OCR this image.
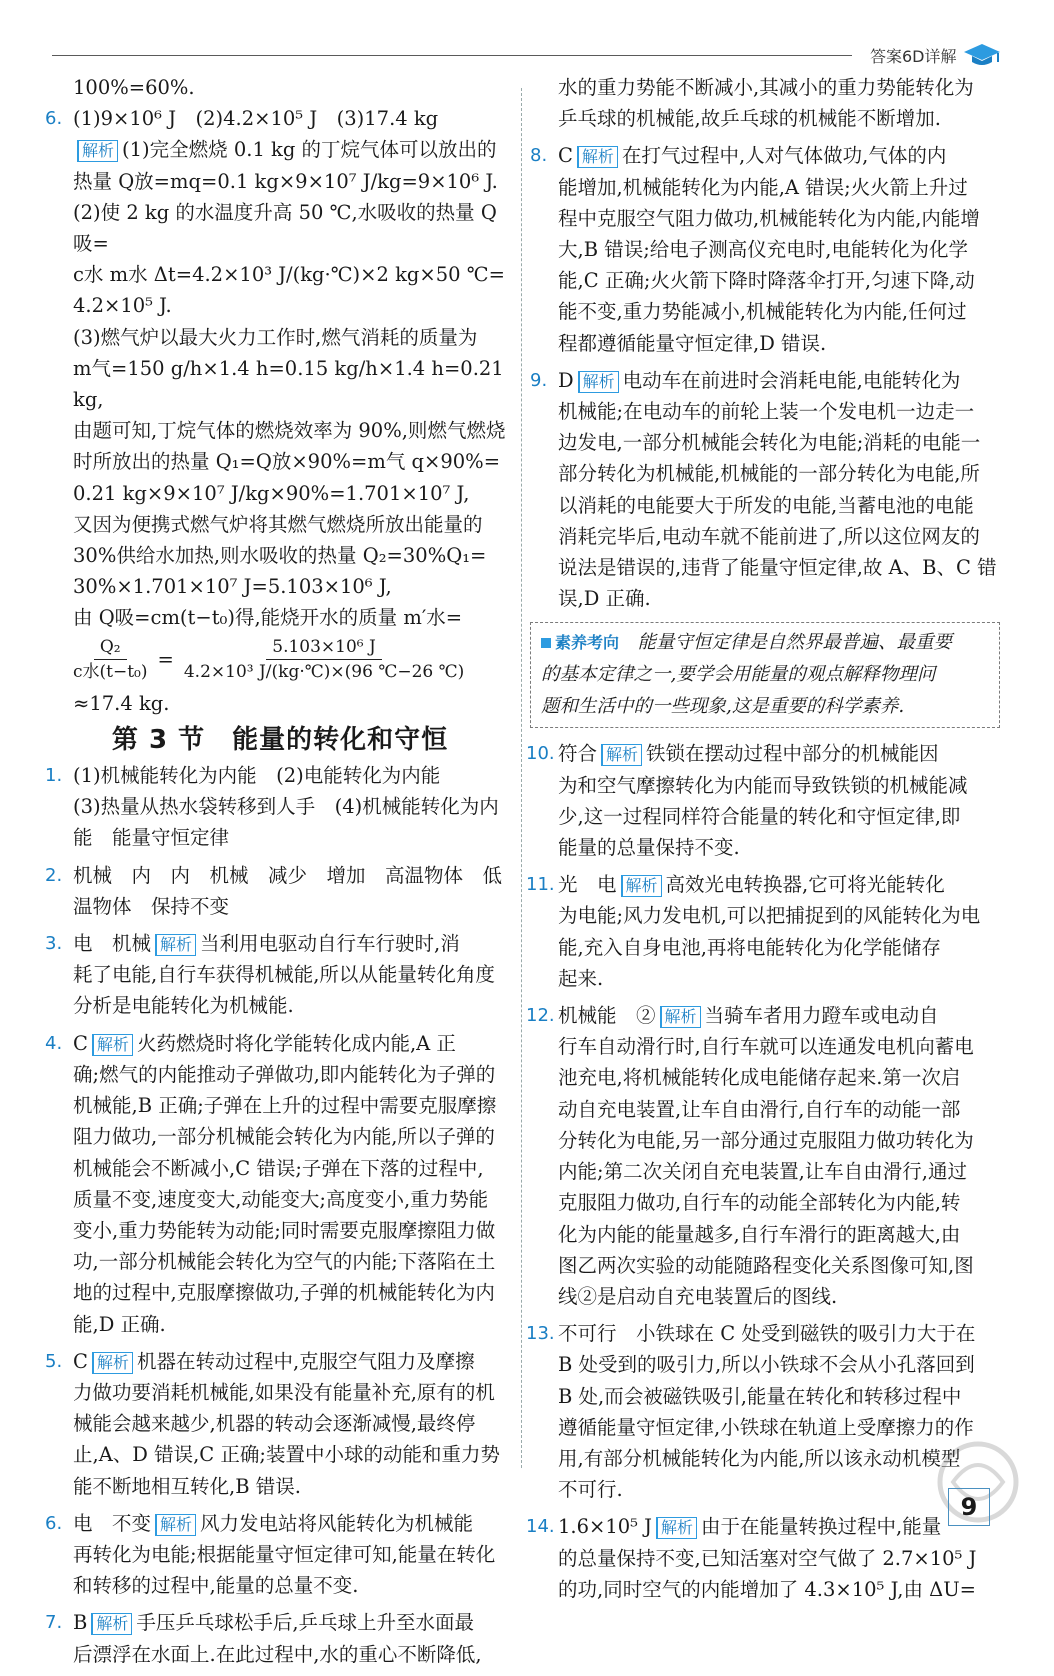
答案6D详解
100%=60%.
6. (1)9×10⁶ J　(2)4.2×10⁵ J　(3)17.4 kg
解析 (1)完全燃烧 0.1 kg 的丁烷气体可以放出的
热量 Q放=mq=0.1 kg×9×10⁷ J/kg=9×10⁶ J.
(2)使 2 kg 的水温度升高 50 ℃,水吸收的热量 Q吸=
c水 m水 Δt=4.2×10³ J/(kg·℃)×2 kg×50 ℃=
4.2×10⁵ J.
(3)燃气炉以最大火力工作时,燃气消耗的质量为
m气=150 g/h×1.4 h=0.15 kg/h×1.4 h=0.21 kg,
由题可知,丁烷气体的燃烧效率为 90%,则燃气燃烧
时所放出的热量 Q₁=Q放×90%=m气 q×90%=
0.21 kg×9×10⁷ J/kg×90%=1.701×10⁷ J,
又因为便携式燃气炉将其燃气燃烧所放出能量的
30%供给水加热,则水吸收的热量 Q₂=30%Q₁=
30%×1.701×10⁷ J=5.103×10⁶ J,
由 Q吸=cm(t−t₀)得,能烧开水的质量 m′水=
Q₂
c水(t−t₀)
= $\frac{\text{5.103×10⁶ J}}{\text{4.2×10³ J/(kg·℃)×(96 ℃−26 ℃)}}$
≈17.4 kg.
第 3 节　能量的转化和守恒
1. (1)机械能转化为内能　(2)电能转化为内能
(3)热量从热水袋转移到人手　(4)机械能转化为内
能　能量守恒定律
2. 机械　内　内　机械　减少　增加　高温物体　低
温物体　保持不变
3. 电　机械 解析 当利用电驱动自行车行驶时,消
耗了电能,自行车获得机械能,所以从能量转化角度
分析是电能转化为机械能.
4. C 解析 火药燃烧时将化学能转化成内能,A 正
确;燃气的内能推动子弹做功,即内能转化为子弹的
机械能,B 正确;子弹在上升的过程中需要克服摩擦
阻力做功,一部分机械能会转化为内能,所以子弹的
机械能会不断减小,C 错误;子弹在下落的过程中,
质量不变,速度变大,动能变大;高度变小,重力势能
变小,重力势能转为动能;同时需要克服摩擦阻力做
功,一部分机械能会转化为空气的内能;下落陷在土
地的过程中,克服摩擦做功,子弹的机械能转化为内
能,D 正确.
5. C 解析 机器在转动过程中,克服空气阻力及摩擦
力做功要消耗机械能,如果没有能量补充,原有的机
械能会越来越少,机器的转动会逐渐减慢,最终停
止,A、D 错误,C 正确;装置中小球的动能和重力势
能不断地相互转化,B 错误.
6. 电　不变 解析 风力发电站将风能转化为机械能
再转化为电能;根据能量守恒定律可知,能量在转化
和转移的过程中,能量的总量不变.
7. B 解析 手压乒乓球松手后,乒乓球上升至水面最
后漂浮在水面上.在此过程中,水的重心不断降低,
水的重力势能不断减小,其减小的重力势能转化为
乒乓球的机械能,故乒乓球的机械能不断增加.
8. C 解析 在打气过程中,人对气体做功,气体的内
能增加,机械能转化为内能,A 错误;火火箭上升过
程中克服空气阻力做功,机械能转化为内能,内能增
大,B 错误;给电子测高仪充电时,电能转化为化学
能,C 正确;火火箭下降时降落伞打开,匀速下降,动
能不变,重力势能减小,机械能转化为内能,任何过
程都遵循能量守恒定律,D 错误.
9. D 解析 电动车在前进时会消耗电能,电能转化为
机械能;在电动车的前轮上装一个发电机一边走一
边发电,一部分机械能会转化为电能;消耗的电能一
部分转化为机械能,机械能的一部分转化为电能,所
以消耗的电能要大于所发的电能,当蓄电池的电能
消耗完毕后,电动车就不能前进了,所以这位网友的
说法是错误的,违背了能量守恒定律,故 A、B、C 错
误,D 正确.
素养考向　 能量守恒定律是自然界最普遍、最重要
的基本定律之一,要学会用能量的观点解释物理问
题和生活中的一些现象,这是重要的科学素养.
10. 符合 解析 铁锁在摆动过程中部分的机械能因
为和空气摩擦转化为内能而导致铁锁的机械能减
少,这一过程同样符合能量的转化和守恒定律,即
能量的总量保持不变.
11. 光　电 解析 高效光电转换器,它可将光能转化
为电能;风力发电机,可以把捕捉到的风能转化为电
能,充入自身电池,再将电能转化为化学能储存
起来.
12. 机械能　② 解析 当骑车者用力蹬车或电动自
行车自动滑行时,自行车就可以连通发电机向蓄电
池充电,将机械能转化成电能储存起来.第一次启
动自充电装置,让车自由滑行,自行车的动能一部
分转化为电能,另一部分通过克服阻力做功转化为
内能;第二次关闭自充电装置,让车自由滑行,通过
克服阻力做功,自行车的动能全部转化为内能,转
化为内能的能量越多,自行车滑行的距离越大,由
图乙两次实验的动能随路程变化关系图像可知,图
线②是启动自充电装置后的图线.
13. 不可行　 小铁球在 C 处受到磁铁的吸引力大于在
B 处受到的吸引力,所以小铁球不会从小孔落回到
B 处,而会被磁铁吸引,能量在转化和转移过程中
遵循能量守恒定律,小铁球在轨道上受摩擦力的作
用,有部分机械能转化为内能,所以该永动机模型
不可行.
14. 1.6×10⁵ J 解析 由于在能量转换过程中,能量
的总量保持不变,已知活塞对空气做了 2.7×10⁵ J
的功,同时空气的内能增加了 4.3×10⁵ J,由 ΔU=
9
